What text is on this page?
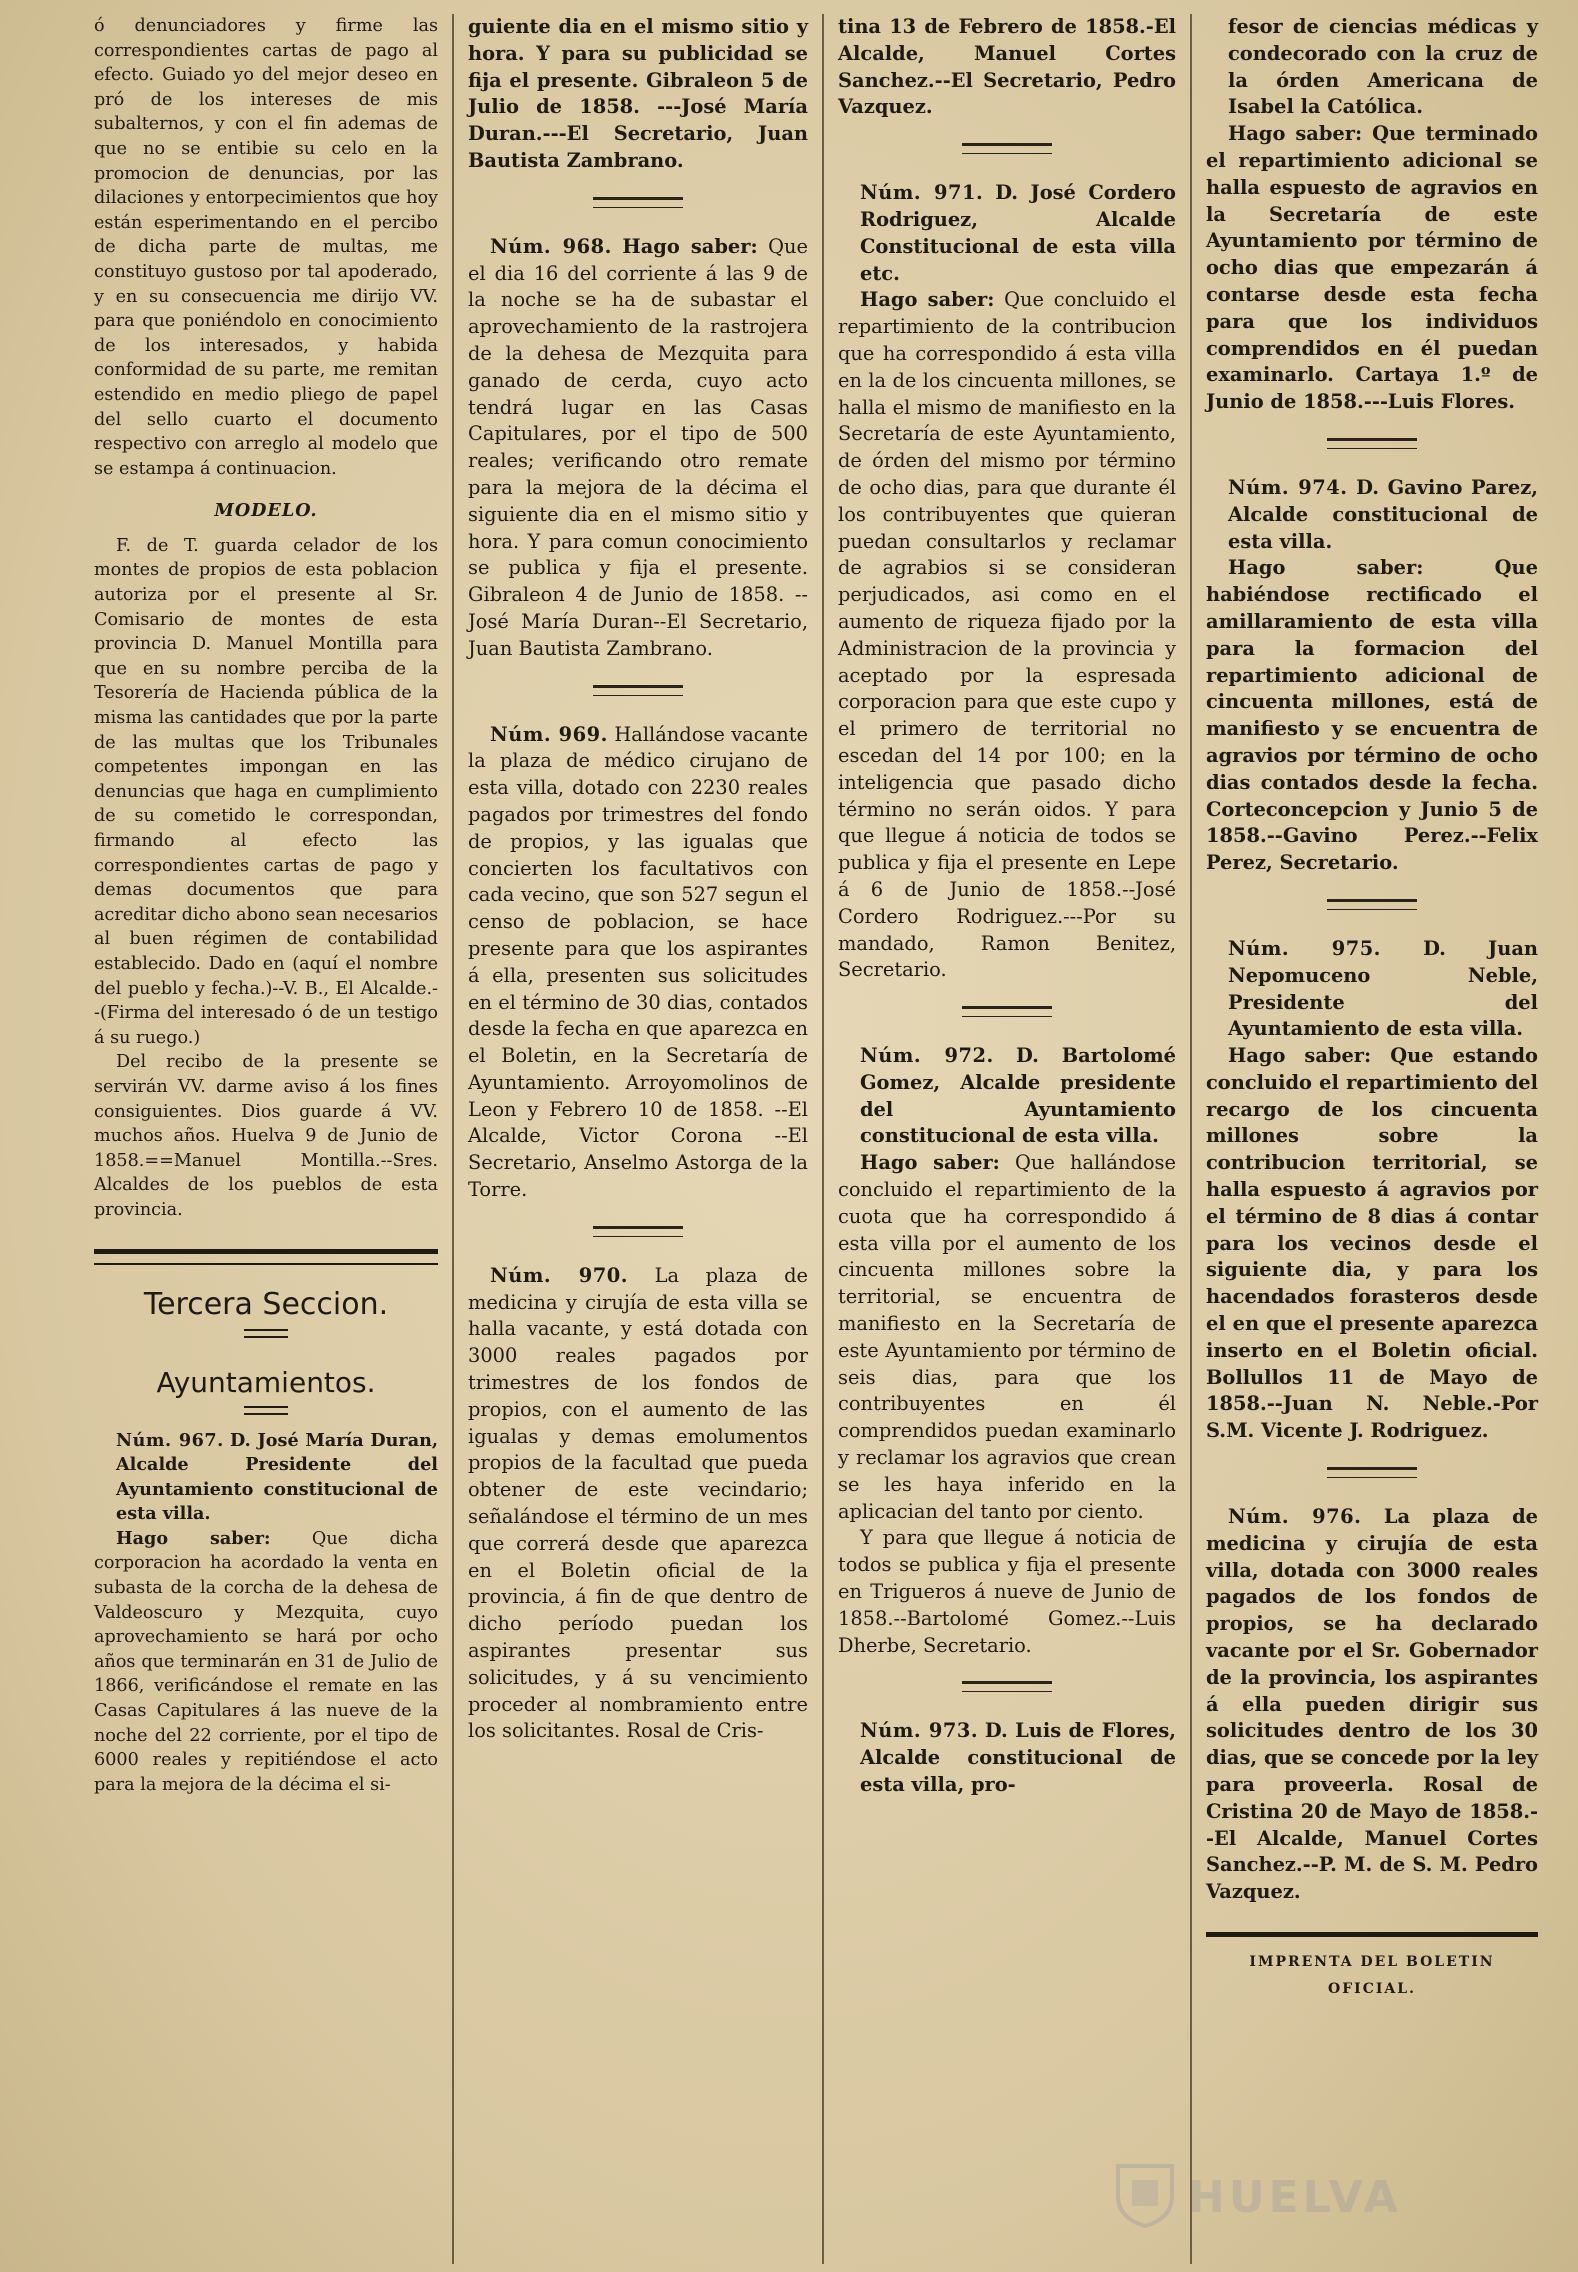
ó denunciadores y firme las correspondientes cartas de pago al efecto. Guiado yo del mejor deseo en pró de los intereses de mis subalternos, y con el fin ademas de que no se entibie su celo en la promocion de denuncias, por las dilaciones y entorpecimientos que hoy están esperimentando en el percibo de dicha parte de multas, me constituyo gustoso por tal apoderado, y en su consecuencia me dirijo VV. para que poniéndolo en conocimiento de los interesados, y habida conformidad de su parte, me remitan estendido en medio pliego de papel del sello cuarto el documento respectivo con arreglo al modelo que se estampa á continuacion.

MODELO.

F. de T. guarda celador de los montes de propios de esta poblacion autoriza por el presente al Sr. Comisario de montes de esta provincia D. Manuel Montilla para que en su nombre perciba de la Tesorería de Hacienda pública de la misma las cantidades que por la parte de las multas que los Tribunales competentes impongan en las denuncias que haga en cumplimiento de su cometido le correspondan, firmando al efecto las correspondientes cartas de pago y demas documentos que para acreditar dicho abono sean necesarios al buen régimen de contabilidad establecido. Dado en (aquí el nombre del pueblo y fecha.)--V. B., El Alcalde.--(Firma del interesado ó de un testigo á su ruego.)

Del recibo de la presente se servirán VV. darme aviso á los fines consiguientes. Dios guarde á VV. muchos años. Huelva 9 de Junio de 1858.==Manuel Montilla.--Sres. Alcaldes de los pueblos de esta provincia.

Tercera Seccion.
Ayuntamientos.

Núm. 967. D. José María Duran, Alcalde Presidente del Ayuntamiento constitucional de esta villa.

Hago saber: Que dicha corporacion ha acordado la venta en subasta de la corcha de la dehesa de Valdeoscuro y Mezquita, cuyo aprovechamiento se hará por ocho años que terminarán en 31 de Julio de 1866, verificándose el remate en las Casas Capitulares á las nueve de la noche del 22 corriente, por el tipo de 6000 reales y repitiéndose el acto para la mejora de la décima el si-

guiente dia en el mismo sitio y hora. Y para su publicidad se fija el presente. Gibraleon 5 de Julio de 1858. ---José María Duran.---El Secretario, Juan Bautista Zambrano.

Núm. 968. Hago saber: Que el dia 16 del corriente á las 9 de la noche se ha de subastar el aprovechamiento de la rastrojera de la dehesa de Mezquita para ganado de cerda, cuyo acto tendrá lugar en las Casas Capitulares, por el tipo de 500 reales; verificando otro remate para la mejora de la décima el siguiente dia en el mismo sitio y hora. Y para comun conocimiento se publica y fija el presente. Gibraleon 4 de Junio de 1858. --José María Duran--El Secretario, Juan Bautista Zambrano.

Núm. 969. Hallándose vacante la plaza de médico cirujano de esta villa, dotado con 2230 reales pagados por trimestres del fondo de propios, y las igualas que concierten los facultativos con cada vecino, que son 527 segun el censo de poblacion, se hace presente para que los aspirantes á ella, presenten sus solicitudes en el término de 30 dias, contados desde la fecha en que aparezca en el Boletin, en la Secretaría de Ayuntamiento. Arroyomolinos de Leon y Febrero 10 de 1858. --El Alcalde, Victor Corona --El Secretario, Anselmo Astorga de la Torre.

Núm. 970. La plaza de medicina y cirujía de esta villa se halla vacante, y está dotada con 3000 reales pagados por trimestres de los fondos de propios, con el aumento de las igualas y demas emolumentos propios de la facultad que pueda obtener de este vecindario; señalándose el término de un mes que correrá desde que aparezca en el Boletin oficial de la provincia, á fin de que dentro de dicho período puedan los aspirantes presentar sus solicitudes, y á su vencimiento proceder al nombramiento entre los solicitantes. Rosal de Cris-

tina 13 de Febrero de 1858.-El Alcalde, Manuel Cortes Sanchez.--El Secretario, Pedro Vazquez.

Núm. 971. D. José Cordero Rodriguez, Alcalde Constitucional de esta villa etc.

Hago saber: Que concluido el repartimiento de la contribucion que ha correspondido á esta villa en la de los cincuenta millones, se halla el mismo de manifiesto en la Secretaría de este Ayuntamiento, de órden del mismo por término de ocho dias, para que durante él los contribuyentes que quieran puedan consultarlos y reclamar de agrabios si se consideran perjudicados, asi como en el aumento de riqueza fijado por la Administracion de la provincia y aceptado por la espresada corporacion para que este cupo y el primero de territorial no escedan del 14 por 100; en la inteligencia que pasado dicho término no serán oidos. Y para que llegue á noticia de todos se publica y fija el presente en Lepe á 6 de Junio de 1858.--José Cordero Rodriguez.---Por su mandado, Ramon Benitez, Secretario.

Núm. 972. D. Bartolomé Gomez, Alcalde presidente del Ayuntamiento constitucional de esta villa.

Hago saber: Que hallándose concluido el repartimiento de la cuota que ha correspondido á esta villa por el aumento de los cincuenta millones sobre la territorial, se encuentra de manifiesto en la Secretaría de este Ayuntamiento por término de seis dias, para que los contribuyentes en él comprendidos puedan examinarlo y reclamar los agravios que crean se les haya inferido en la aplicacian del tanto por ciento.

Y para que llegue á noticia de todos se publica y fija el presente en Trigueros á nueve de Junio de 1858.--Bartolomé Gomez.--Luis Dherbe, Secretario.

Núm. 973. D. Luis de Flores, Alcalde constitucional de esta villa, pro-

fesor de ciencias médicas y condecorado con la cruz de la órden Americana de Isabel la Católica.

Hago saber: Que terminado el repartimiento adicional se halla espuesto de agravios en la Secretaría de este Ayuntamiento por término de ocho dias que empezarán á contarse desde esta fecha para que los individuos comprendidos en él puedan examinarlo. Cartaya 1.º de Junio de 1858.---Luis Flores.

Núm. 974. D. Gavino Parez, Alcalde constitucional de esta villa.

Hago saber:	Que habiéndose rectificado el amillaramiento de esta villa para la formacion del repartimiento adicional de cincuenta millones, está de manifiesto y se encuentra de agravios por término de ocho dias contados desde la fecha. Corteconcepcion y Junio 5 de 1858.--Gavino Perez.--Felix Perez, Secretario.

Núm. 975. D. Juan Nepomuceno Neble, Presidente del Ayuntamiento de esta villa.

Hago saber: Que estando concluido el repartimiento del recargo de los cincuenta millones sobre la contribucion territorial, se halla espuesto á agravios por el término de 8 dias á contar para los vecinos desde el siguiente dia, y para los hacendados forasteros desde el en que el presente aparezca inserto en el Boletin oficial. Bollullos 11 de Mayo de 1858.--Juan N. Neble.-Por S.M. Vicente J. Rodriguez.

Núm. 976. La plaza de medicina y cirujía de esta villa, dotada con 3000 reales pagados de los fondos de propios, se ha declarado vacante por el Sr. Gobernador de la provincia, los aspirantes á ella pueden dirigir sus solicitudes dentro de los 30 dias, que se concede por la ley para proveerla. Rosal de Cristina 20 de Mayo de 1858.--El Alcalde, Manuel Cortes Sanchez.--P. M. de S. M. Pedro Vazquez.

IMPRENTA DEL BOLETIN OFICIAL.
HUELVA
